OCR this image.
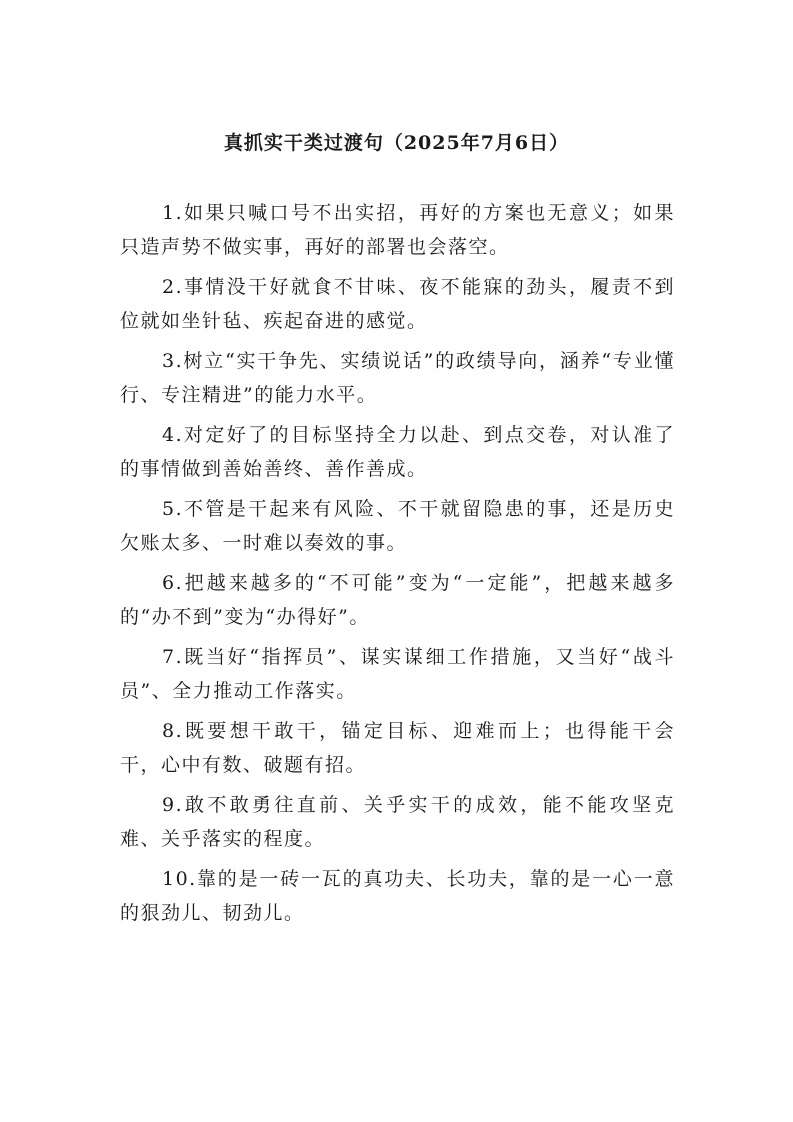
真抓实干类过渡句（2025年7月6日）
1.如果只喊口号不出实招，再好的方案也无意义；如果只造声势不做实事，再好的部署也会落空。
2.事情没干好就食不甘味、夜不能寐的劲头，履责不到位就如坐针毡、疾起奋进的感觉。
3.树立“实干争先、实绩说话”的政绩导向，涵养“专业懂行、专注精进”的能力水平。
4.对定好了的目标坚持全力以赴、到点交卷，对认准了的事情做到善始善终、善作善成。
5.不管是干起来有风险、不干就留隐患的事，还是历史欠账太多、一时难以奏效的事。
6.把越来越多的“不可能”变为“一定能”，把越来越多的“办不到”变为“办得好”。
7.既当好“指挥员”、谋实谋细工作措施，又当好“战斗员”、全力推动工作落实。
8.既要想干敢干，锚定目标、迎难而上；也得能干会干，心中有数、破题有招。
9.敢不敢勇往直前、关乎实干的成效，能不能攻坚克难、关乎落实的程度。
10.靠的是一砖一瓦的真功夫、长功夫，靠的是一心一意的狠劲儿、韧劲儿。
